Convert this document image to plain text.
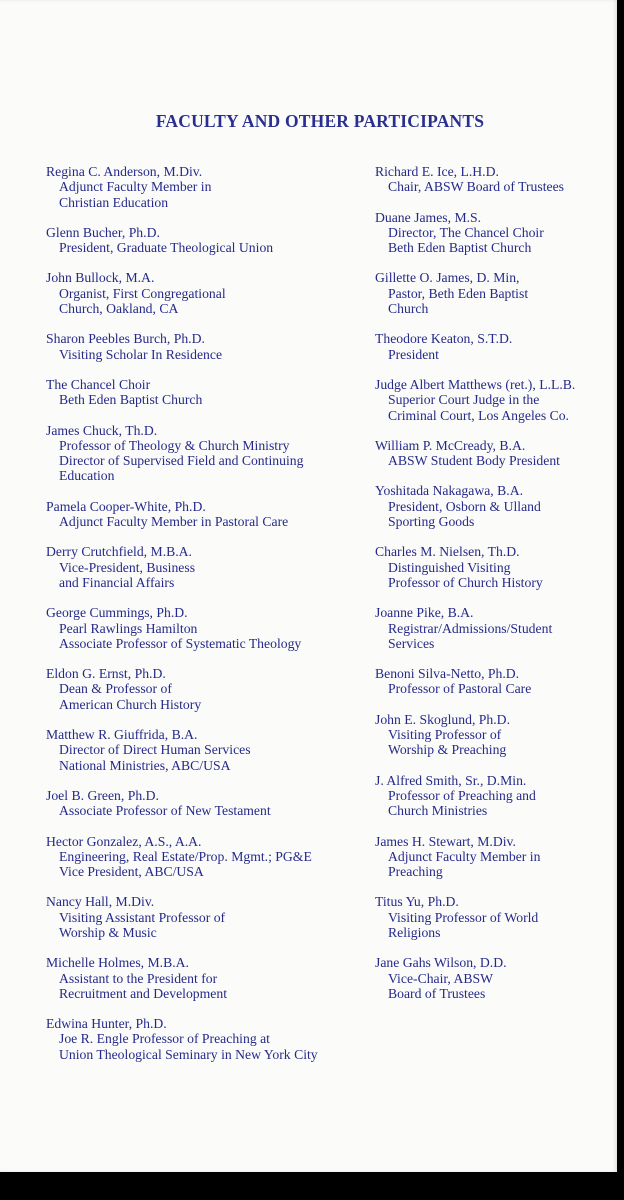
FACULTY AND OTHER PARTICIPANTS
Regina C. Anderson, M.Div.
Adjunct Faculty Member in
Christian Education
Glenn Bucher, Ph.D.
President, Graduate Theological Union
John Bullock, M.A.
Organist, First Congregational
Church, Oakland, CA
Sharon Peebles Burch, Ph.D.
Visiting Scholar In Residence
The Chancel Choir
Beth Eden Baptist Church
James Chuck, Th.D.
Professor of Theology & Church Ministry
Director of Supervised Field and Continuing
Education
Pamela Cooper-White, Ph.D.
Adjunct Faculty Member in Pastoral Care
Derry Crutchfield, M.B.A.
Vice-President, Business
and Financial Affairs
George Cummings, Ph.D.
Pearl Rawlings Hamilton
Associate Professor of Systematic Theology
Eldon G. Ernst, Ph.D.
Dean & Professor of
American Church History
Matthew R. Giuffrida, B.A.
Director of Direct Human Services
National Ministries, ABC/USA
Joel B. Green, Ph.D.
Associate Professor of New Testament
Hector Gonzalez, A.S., A.A.
Engineering, Real Estate/Prop. Mgmt.; PG&E
Vice President, ABC/USA
Nancy Hall, M.Div.
Visiting Assistant Professor of
Worship & Music
Michelle Holmes, M.B.A.
Assistant to the President for
Recruitment and Development
Edwina Hunter, Ph.D.
Joe R. Engle Professor of Preaching at
Union Theological Seminary in New York City
Richard E. Ice, L.H.D.
Chair, ABSW Board of Trustees
Duane James, M.S.
Director, The Chancel Choir
Beth Eden Baptist Church
Gillette O. James, D. Min,
Pastor, Beth Eden Baptist
Church
Theodore Keaton, S.T.D.
President
Judge Albert Matthews (ret.), L.L.B.
Superior Court Judge in the
Criminal Court, Los Angeles Co.
William P. McCready, B.A.
ABSW Student Body President
Yoshitada Nakagawa, B.A.
President, Osborn & Ulland
Sporting Goods
Charles M. Nielsen, Th.D.
Distinguished Visiting
Professor of Church History
Joanne Pike, B.A.
Registrar/Admissions/Student
Services
Benoni Silva-Netto, Ph.D.
Professor of Pastoral Care
John E. Skoglund, Ph.D.
Visiting Professor of
Worship & Preaching
J. Alfred Smith, Sr., D.Min.
Professor of Preaching and
Church Ministries
James H. Stewart, M.Div.
Adjunct Faculty Member in
Preaching
Titus Yu, Ph.D.
Visiting Professor of World
Religions
Jane Gahs Wilson, D.D.
Vice-Chair, ABSW
Board of Trustees
